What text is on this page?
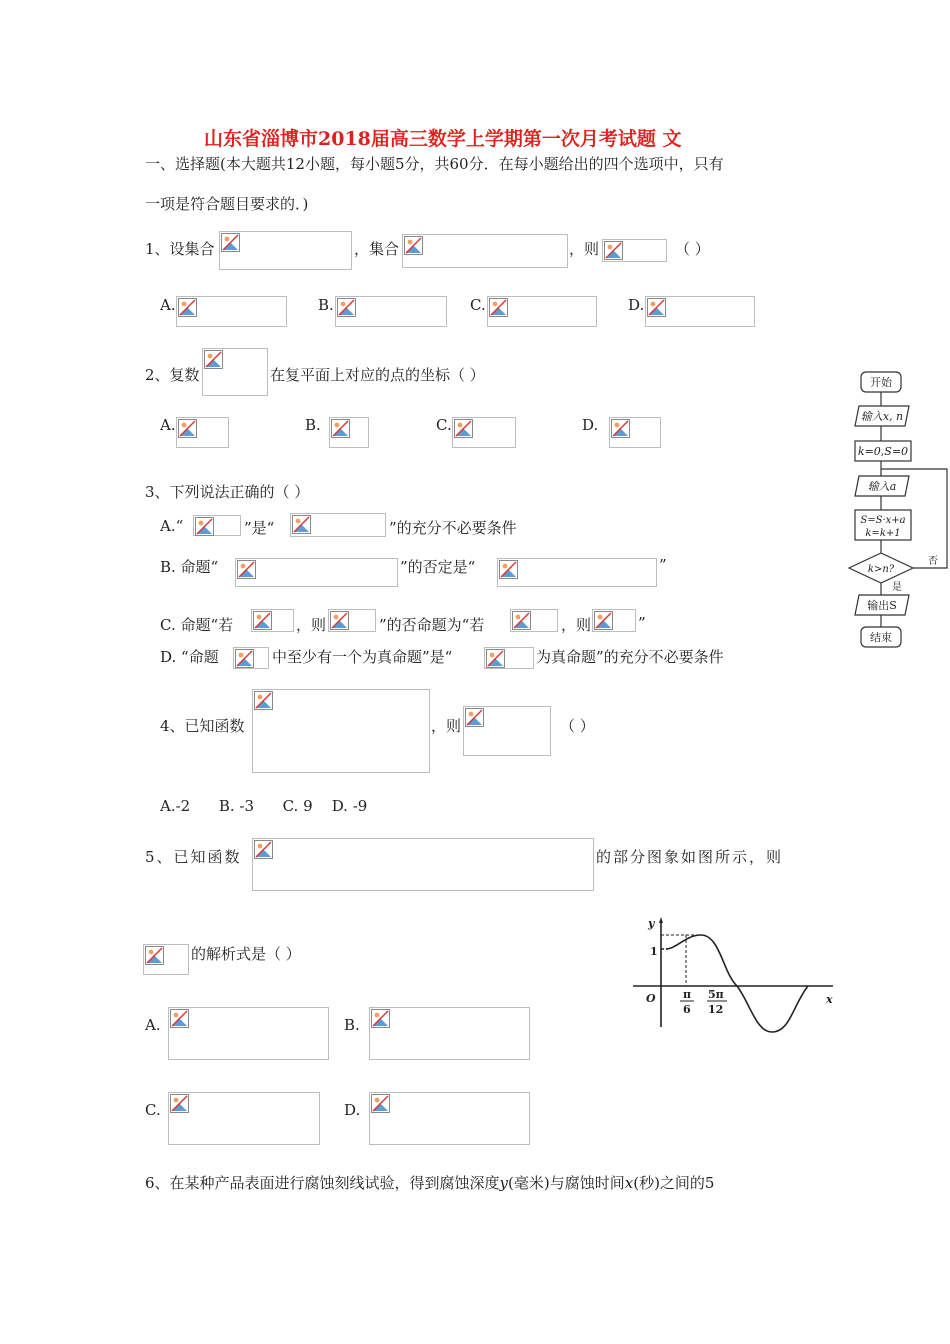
山东省淄博市2018届高三数学上学期第一次月考试题 文
一、选择题(本大题共12小题，每小题5分，共60分．在每小题给出的四个选项中，只有
一项是符合题目要求的．)
1、设集合	，集合	，则	（ ）
A.	B.	C.	D.
2、复数	在复平面上对应的点的坐标（ ）
A.	B.	C.	D.
3、下列说法正确的（ ）
A.“	”是“	”的充分不必要条件
B. 命题“	”的否定是“	”
C. 命题“若	，则	”的否命题为“若	，则	”
D. “命题	中至少有一个为真命题”是“	为真命题”的充分不必要条件
4、已知函数	，则	（ ）
A.-2      B. -3      C. 9    D. -9
5、已知函数	的部分图象如图所示，则
的解析式是（ ）
A.	B.
C.	D.
6、在某种产品表面进行腐蚀刻线试验，得到腐蚀深度y(毫米)与腐蚀时间x(秒)之间的5
y
x
O
1
π
6
5π
12
开始
输入x, n
k=0,S=0
输入a
S=S·x+a
k=k+1
k>n?
否
是
输出S
结束
